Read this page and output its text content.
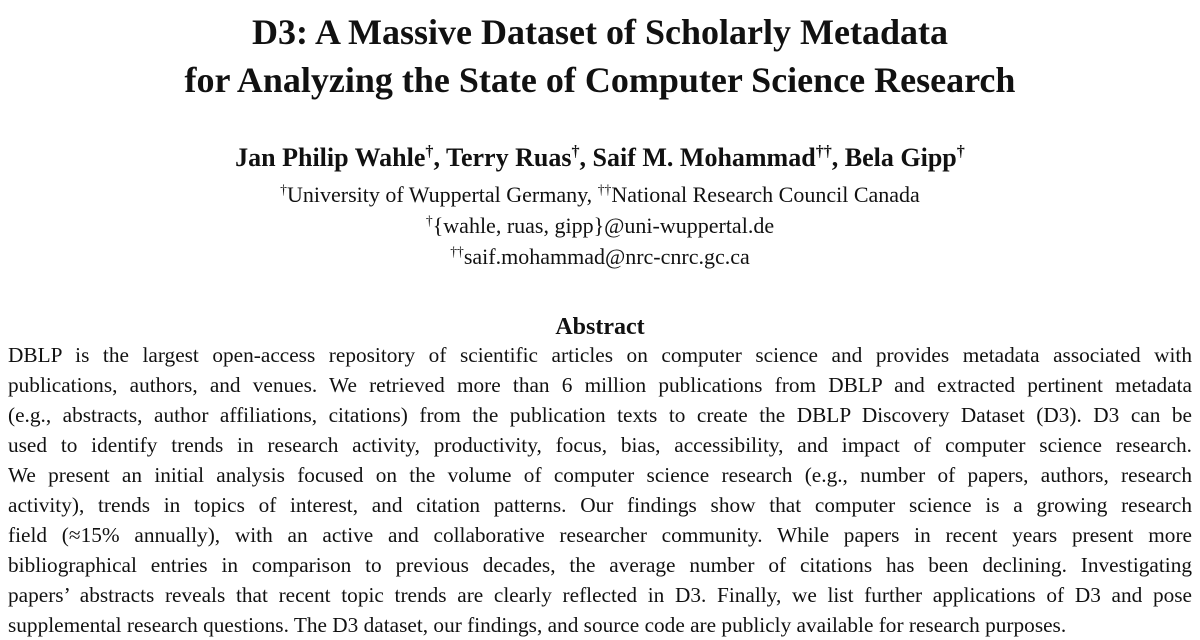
D3: A Massive Dataset of Scholarly Metadata
for Analyzing the State of Computer Science Research
Jan Philip Wahle†, Terry Ruas†, Saif M. Mohammad††, Bela Gipp†
†University of Wuppertal Germany, ††National Research Council Canada
†{wahle, ruas, gipp}@uni-wuppertal.de
††saif.mohammad@nrc-cnrc.gc.ca
Abstract
DBLP is the largest open-access repository of scientific articles on computer science and provides metadata associated with
publications, authors, and venues. We retrieved more than 6 million publications from DBLP and extracted pertinent metadata
(e.g., abstracts, author affiliations, citations) from the publication texts to create the DBLP Discovery Dataset (D3). D3 can be
used to identify trends in research activity, productivity, focus, bias, accessibility, and impact of computer science research.
We present an initial analysis focused on the volume of computer science research (e.g., number of papers, authors, research
activity), trends in topics of interest, and citation patterns. Our findings show that computer science is a growing research
field (≈15% annually), with an active and collaborative researcher community. While papers in recent years present more
bibliographical entries in comparison to previous decades, the average number of citations has been declining. Investigating
papers’ abstracts reveals that recent topic trends are clearly reflected in D3. Finally, we list further applications of D3 and pose
supplemental research questions. The D3 dataset, our findings, and source code are publicly available for research purposes.
